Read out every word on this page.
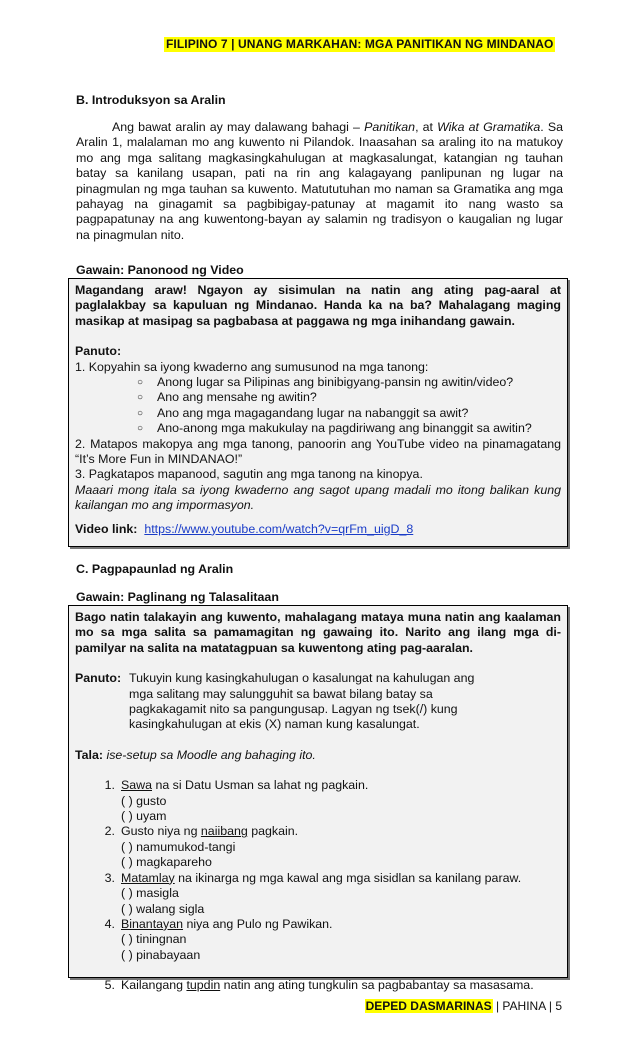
FILIPINO 7 | UNANG MARKAHAN: MGA PANITIKAN NG MINDANAO
B. Introduksyon sa Aralin
Ang bawat aralin ay may dalawang bahagi – Panitikan, at Wika at Gramatika. Sa Aralin 1, malalaman mo ang kuwento ni Pilandok. Inaasahan sa araling ito na matukoy mo ang mga salitang magkasingkahulugan at magkasalungat, katangian ng tauhan batay sa kanilang usapan, pati na rin ang kalagayang panlipunan ng lugar na pinagmulan ng mga tauhan sa kuwento. Matututuhan mo naman sa Gramatika ang mga pahayag na ginagamit sa pagbibigay-patunay at magamit ito nang wasto sa pagpapatunay na ang kuwentong-bayan ay salamin ng tradisyon o kaugalian ng lugar na pinagmulan nito.
Gawain: Panonood ng Video
Magandang araw! Ngayon ay sisimulan na natin ang ating pag-aaral at paglalakbay sa kapuluan ng Mindanao. Handa ka na ba? Mahalagang maging masikap at masipag sa pagbabasa at paggawa ng mga inihandang gawain.
Panuto:
1. Kopyahin sa iyong kwaderno ang sumusunod na mga tanong:
○ Anong lugar sa Pilipinas ang binibigyang-pansin ng awitin/video?
○ Ano ang mensahe ng awitin?
○ Ano ang mga magagandang lugar na nabanggit sa awit?
○ Ano-anong mga makukulay na pagdiriwang ang binanggit sa awitin?
2. Matapos makopya ang mga tanong, panoorin ang YouTube video na pinamagatang “It’s More Fun in MINDANAO!”
3. Pagkatapos mapanood, sagutin ang mga tanong na kinopya.
Maaari mong itala sa iyong kwaderno ang sagot upang madali mo itong balikan kung kailangan mo ang impormasyon.
Video link: https://www.youtube.com/watch?v=qrFm_uigD_8
C. Pagpapaunlad ng Aralin
Gawain: Paglinang ng Talasalitaan
Bago natin talakayin ang kuwento, mahalagang mataya muna natin ang kaalaman mo sa mga salita sa pamamagitan ng gawaing ito. Narito ang ilang mga di-pamilyar na salita na matatagpuan sa kuwentong ating pag-aaralan.
Panuto: Tukuyin kung kasingkahulugan o kasalungat na kahulugan ang mga salitang may salungguhit sa bawat bilang batay sa pagkakagamit nito sa pangungusap. Lagyan ng tsek(/) kung kasingkahulugan at ekis (X) naman kung kasalungat.
Tala: ise-setup sa Moodle ang bahaging ito.
1. Sawa na si Datu Usman sa lahat ng pagkain.
( ) gusto
( ) uyam
2. Gusto niya ng naiibang pagkain.
( ) namumukod-tangi
( ) magkapareho
3. Matamlay na ikinarga ng mga kawal ang mga sisidlan sa kanilang paraw.
( ) masigla
( ) walang sigla
4. Binantayan niya ang Pulo ng Pawikan.
( ) tiningnan
( ) pinabayaan
5. Kailangang tupdin natin ang ating tungkulin sa pagbabantay sa masasama.
DEPED DASMARINAS | PAHINA | 5
